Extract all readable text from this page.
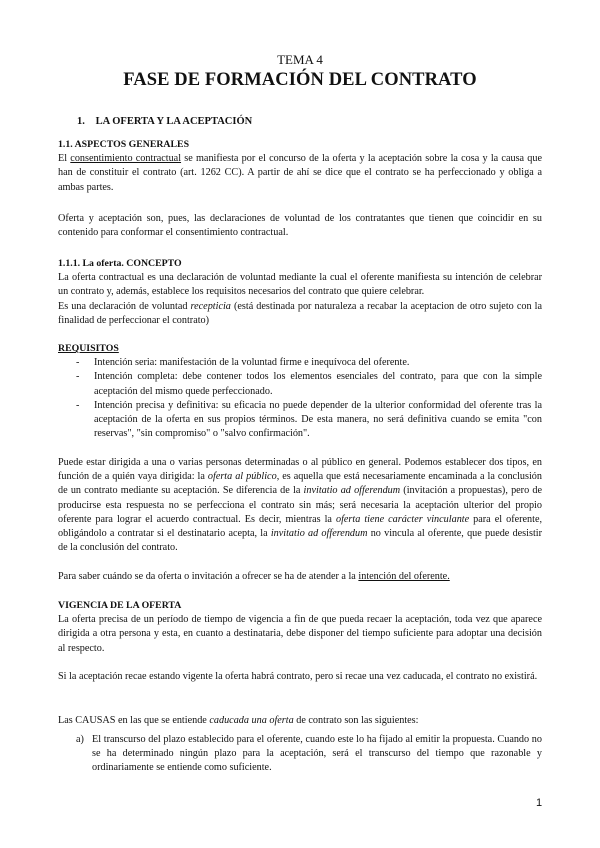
TEMA 4
FASE DE FORMACIÓN DEL CONTRATO
1. LA OFERTA Y LA ACEPTACIÓN
1.1. ASPECTOS GENERALES
El consentimiento contractual se manifiesta por el concurso de la oferta y la aceptación sobre la cosa y la causa que han de constituir el contrato (art. 1262 CC). A partir de ahí se dice que el contrato se ha perfeccionado y obliga a ambas partes.
Oferta y aceptación son, pues, las declaraciones de voluntad de los contratantes que tienen que coincidir en su contenido para conformar el consentimiento contractual.
1.1.1. La oferta. CONCEPTO
La oferta contractual es una declaración de voluntad mediante la cual el oferente manifiesta su intención de celebrar un contrato y, además, establece los requisitos necesarios del contrato que quiere celebrar.
Es una declaración de voluntad recepticia (está destinada por naturaleza a recabar la aceptacion de otro sujeto con la finalidad de perfeccionar el contrato)
REQUISITOS
- Intención seria: manifestación de la voluntad firme e inequívoca del oferente.
- Intención completa: debe contener todos los elementos esenciales del contrato, para que con la simple aceptación del mismo quede perfeccionado.
- Intención precisa y definitiva: su eficacia no puede depender de la ulterior conformidad del oferente tras la aceptación de la oferta en sus propios términos. De esta manera, no será definitiva cuando se emita "con reservas", "sin compromiso" o "salvo confirmación".
Puede estar dirigida a una o varias personas determinadas o al público en general. Podemos establecer dos tipos, en función de a quién vaya dirigida: la oferta al público, es aquella que está necesariamente encaminada a la conclusión de un contrato mediante su aceptación. Se diferencia de la invitatio ad offerendum (invitación a propuestas), pero de producirse esta respuesta no se perfecciona el contrato sin más; será necesaria la aceptación ulterior del propio oferente para lograr el acuerdo contractual. Es decir, mientras la oferta tiene carácter vinculante para el oferente, obligándolo a contratar si el destinatario acepta, la invitatio ad offerendum no vincula al oferente, que puede desistir de la conclusión del contrato.
Para saber cuándo se da oferta o invitación a ofrecer se ha de atender a la intención del oferente.
VIGENCIA DE LA OFERTA
La oferta precisa de un período de tiempo de vigencia a fin de que pueda recaer la aceptación, toda vez que aparece dirigida a otra persona y esta, en cuanto a destinataria, debe disponer del tiempo suficiente para adoptar una decisión al respecto.
Si la aceptación recae estando vigente la oferta habrá contrato, pero si recae una vez caducada, el contrato no existirá.
Las CAUSAS en las que se entiende caducada una oferta de contrato son las siguientes:
a) El transcurso del plazo establecido para el oferente, cuando este lo ha fijado al emitir la propuesta. Cuando no se ha determinado ningún plazo para la aceptación, será el transcurso del tiempo que razonable y ordinariamente se entiende como suficiente.
1
